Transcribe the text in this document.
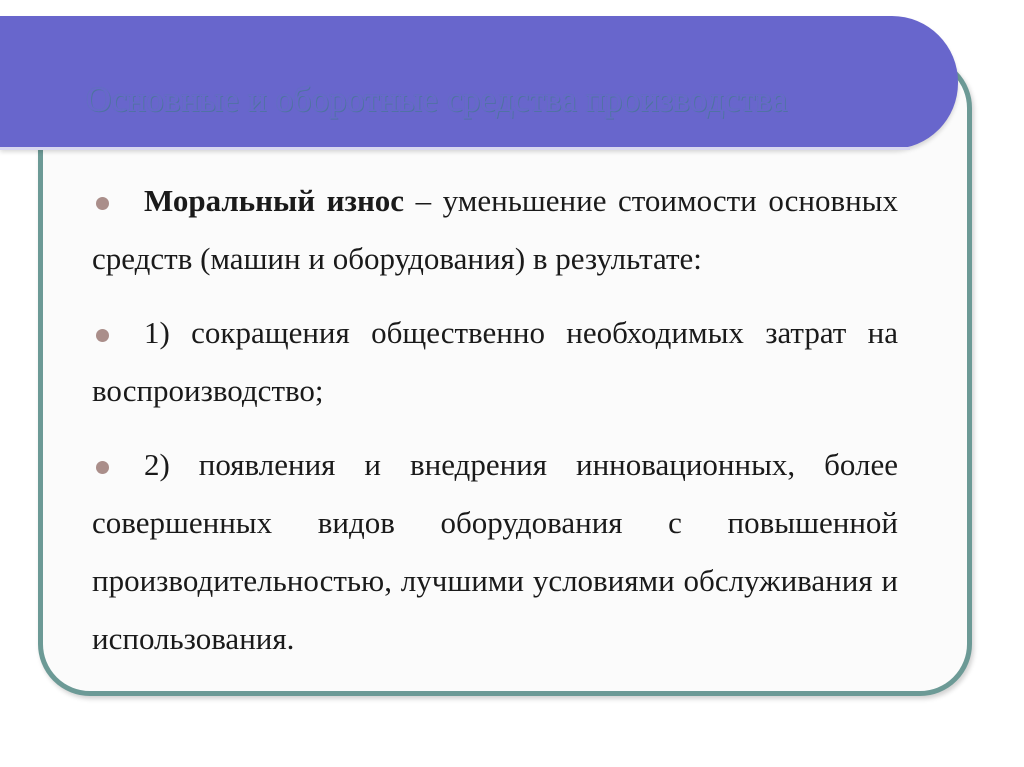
Основные и оборотные средства производства

Моральный износ – уменьшение стоимости основных средств (машин и оборудования) в результате:

1) сокращения общественно необходимых затрат на воспроизводство;

2) появления и внедрения инновационных, более совершенных видов оборудования с повышенной производительностью, лучшими условиями обслуживания и использования.
